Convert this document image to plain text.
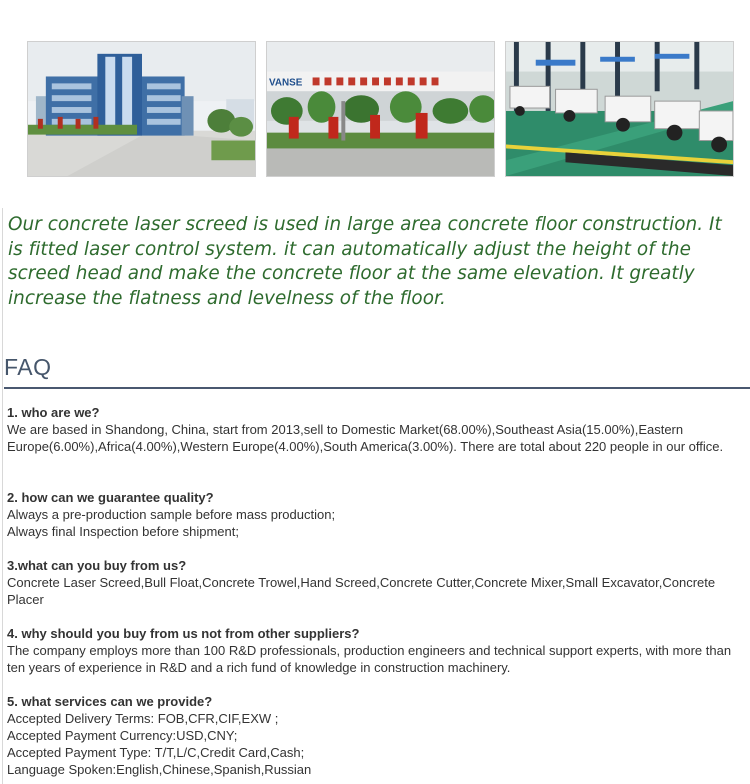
VANSE
Our concrete laser screed is used in large area concrete floor construction. It is fitted laser control system. it can automatically adjust the height of the screed head and make the concrete floor at the same elevation. It greatly increase the flatness and levelness of the floor.
FAQ
1. who are we?
We are based in Shandong, China, start from 2013,sell to Domestic Market(68.00%),Southeast Asia(15.00%),Eastern Europe(6.00%),Africa(4.00%),Western Europe(4.00%),South America(3.00%). There are total about 220 people in our office.
2. how can we guarantee quality?
Always a pre-production sample before mass production;
Always final Inspection before shipment;
3.what can you buy from us?
Concrete Laser Screed,Bull Float,Concrete Trowel,Hand Screed,Concrete Cutter,Concrete Mixer,Small Excavator,Concrete Placer
4. why should you buy from us not from other suppliers?
The company employs more than 100 R&D professionals, production engineers and technical support experts, with more than ten years of experience in R&D and a rich fund of knowledge in construction machinery.
5. what services can we provide?
Accepted Delivery Terms: FOB,CFR,CIF,EXW ;
Accepted Payment Currency:USD,CNY;
Accepted Payment Type: T/T,L/C,Credit Card,Cash;
Language Spoken:English,Chinese,Spanish,Russian
